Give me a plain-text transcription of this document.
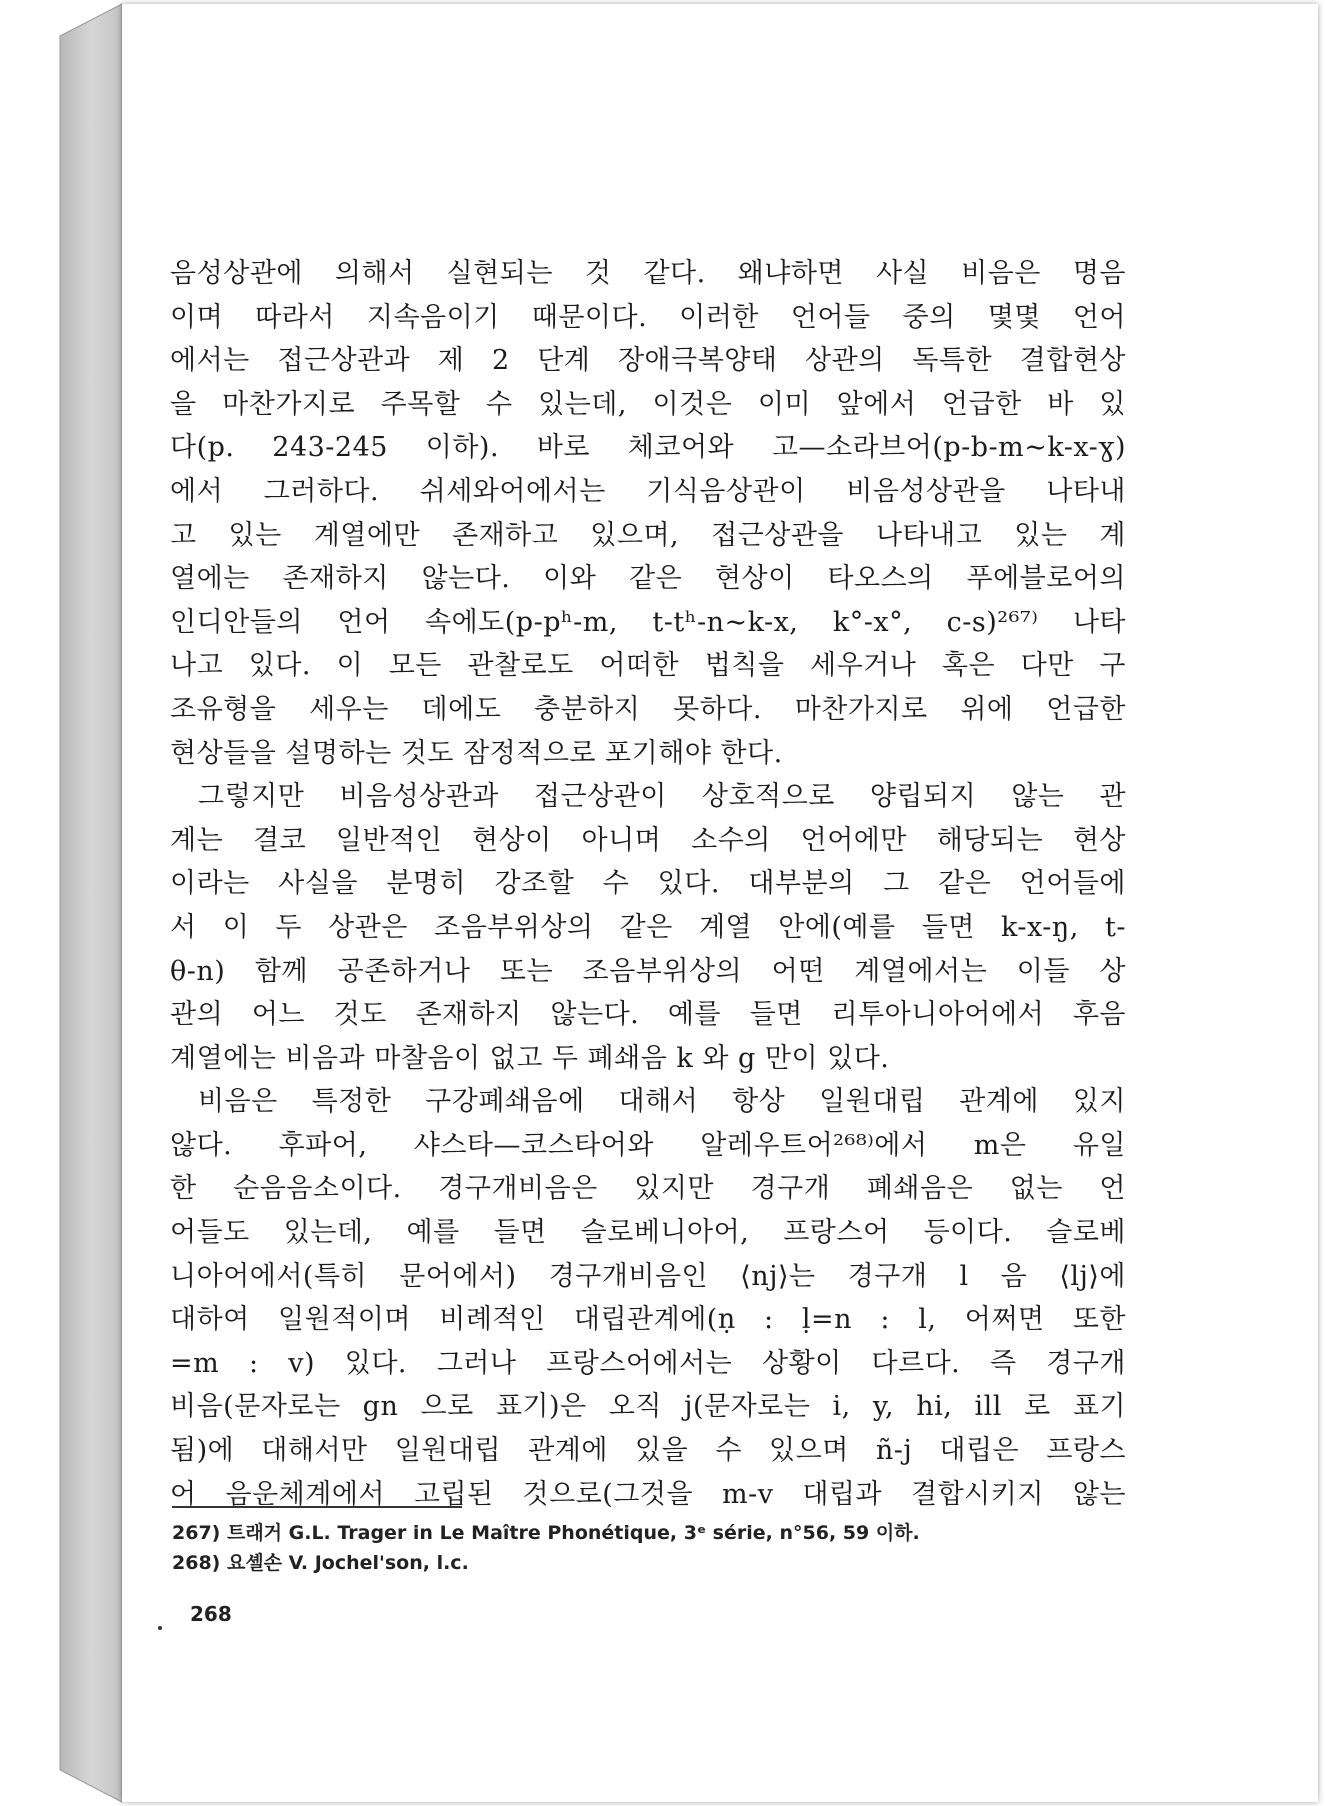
음성상관에 의해서 실현되는 것 같다. 왜냐하면 사실 비음은 명음
이며 따라서 지속음이기 때문이다. 이러한 언어들 중의 몇몇 언어
에서는 접근상관과 제 2 단계 장애극복양태 상관의 독특한 결합현상
을 마찬가지로 주목할 수 있는데, 이것은 이미 앞에서 언급한 바 있
다(p. 243-245 이하). 바로 체코어와 고—소라브어(p-b-m∼k-x-ɣ)
에서 그러하다. 쉬세와어에서는 기식음상관이 비음성상관을 나타내
고 있는 계열에만 존재하고 있으며, 접근상관을 나타내고 있는 계
열에는 존재하지 않는다. 이와 같은 현상이 타오스의 푸에블로어의
인디안들의 언어 속에도(p-pʰ-m, t-tʰ-n∼k-x, k°-x°, c-s)²⁶⁷⁾ 나타
나고 있다. 이 모든 관찰로도 어떠한 법칙을 세우거나 혹은 다만 구
조유형을 세우는 데에도 충분하지 못하다. 마찬가지로 위에 언급한
현상들을 설명하는 것도 잠정적으로 포기해야 한다.
그렇지만 비음성상관과 접근상관이 상호적으로 양립되지 않는 관
계는 결코 일반적인 현상이 아니며 소수의 언어에만 해당되는 현상
이라는 사실을 분명히 강조할 수 있다. 대부분의 그 같은 언어들에
서 이 두 상관은 조음부위상의 같은 계열 안에(예를 들면 k-x-ŋ, t-
θ-n) 함께 공존하거나 또는 조음부위상의 어떤 계열에서는 이들 상
관의 어느 것도 존재하지 않는다. 예를 들면 리투아니아어에서 후음
계열에는 비음과 마찰음이 없고 두 폐쇄음 k 와 g 만이 있다.
비음은 특정한 구강폐쇄음에 대해서 항상 일원대립 관계에 있지
않다. 후파어, 샤스타—코스타어와 알레우트어²⁶⁸⁾에서 m은 유일
한 순음음소이다. 경구개비음은 있지만 경구개 폐쇄음은 없는 언
어들도 있는데, 예를 들면 슬로베니아어, 프랑스어 등이다. 슬로베
니아어에서(특히 문어에서) 경구개비음인 ⟨nj⟩는 경구개 l 음 ⟨lj⟩에
대하여 일원적이며 비례적인 대립관계에(ṇ : ḷ=n : l, 어쩌면 또한
=m : v) 있다. 그러나 프랑스어에서는 상황이 다르다. 즉 경구개
비음(문자로는 gn 으로 표기)은 오직 j(문자로는 i, y, hi, ill 로 표기
됨)에 대해서만 일원대립 관계에 있을 수 있으며 ñ-j 대립은 프랑스
어 음운체계에서 고립된 것으로(그것을 m-v 대립과 결합시키지 않는
267) 트래거 G.L. Trager in Le Maître Phonétique, 3ᵉ série, n°56, 59 이하.
268) 요셸손 V. Jochel'son, l.c.
268
